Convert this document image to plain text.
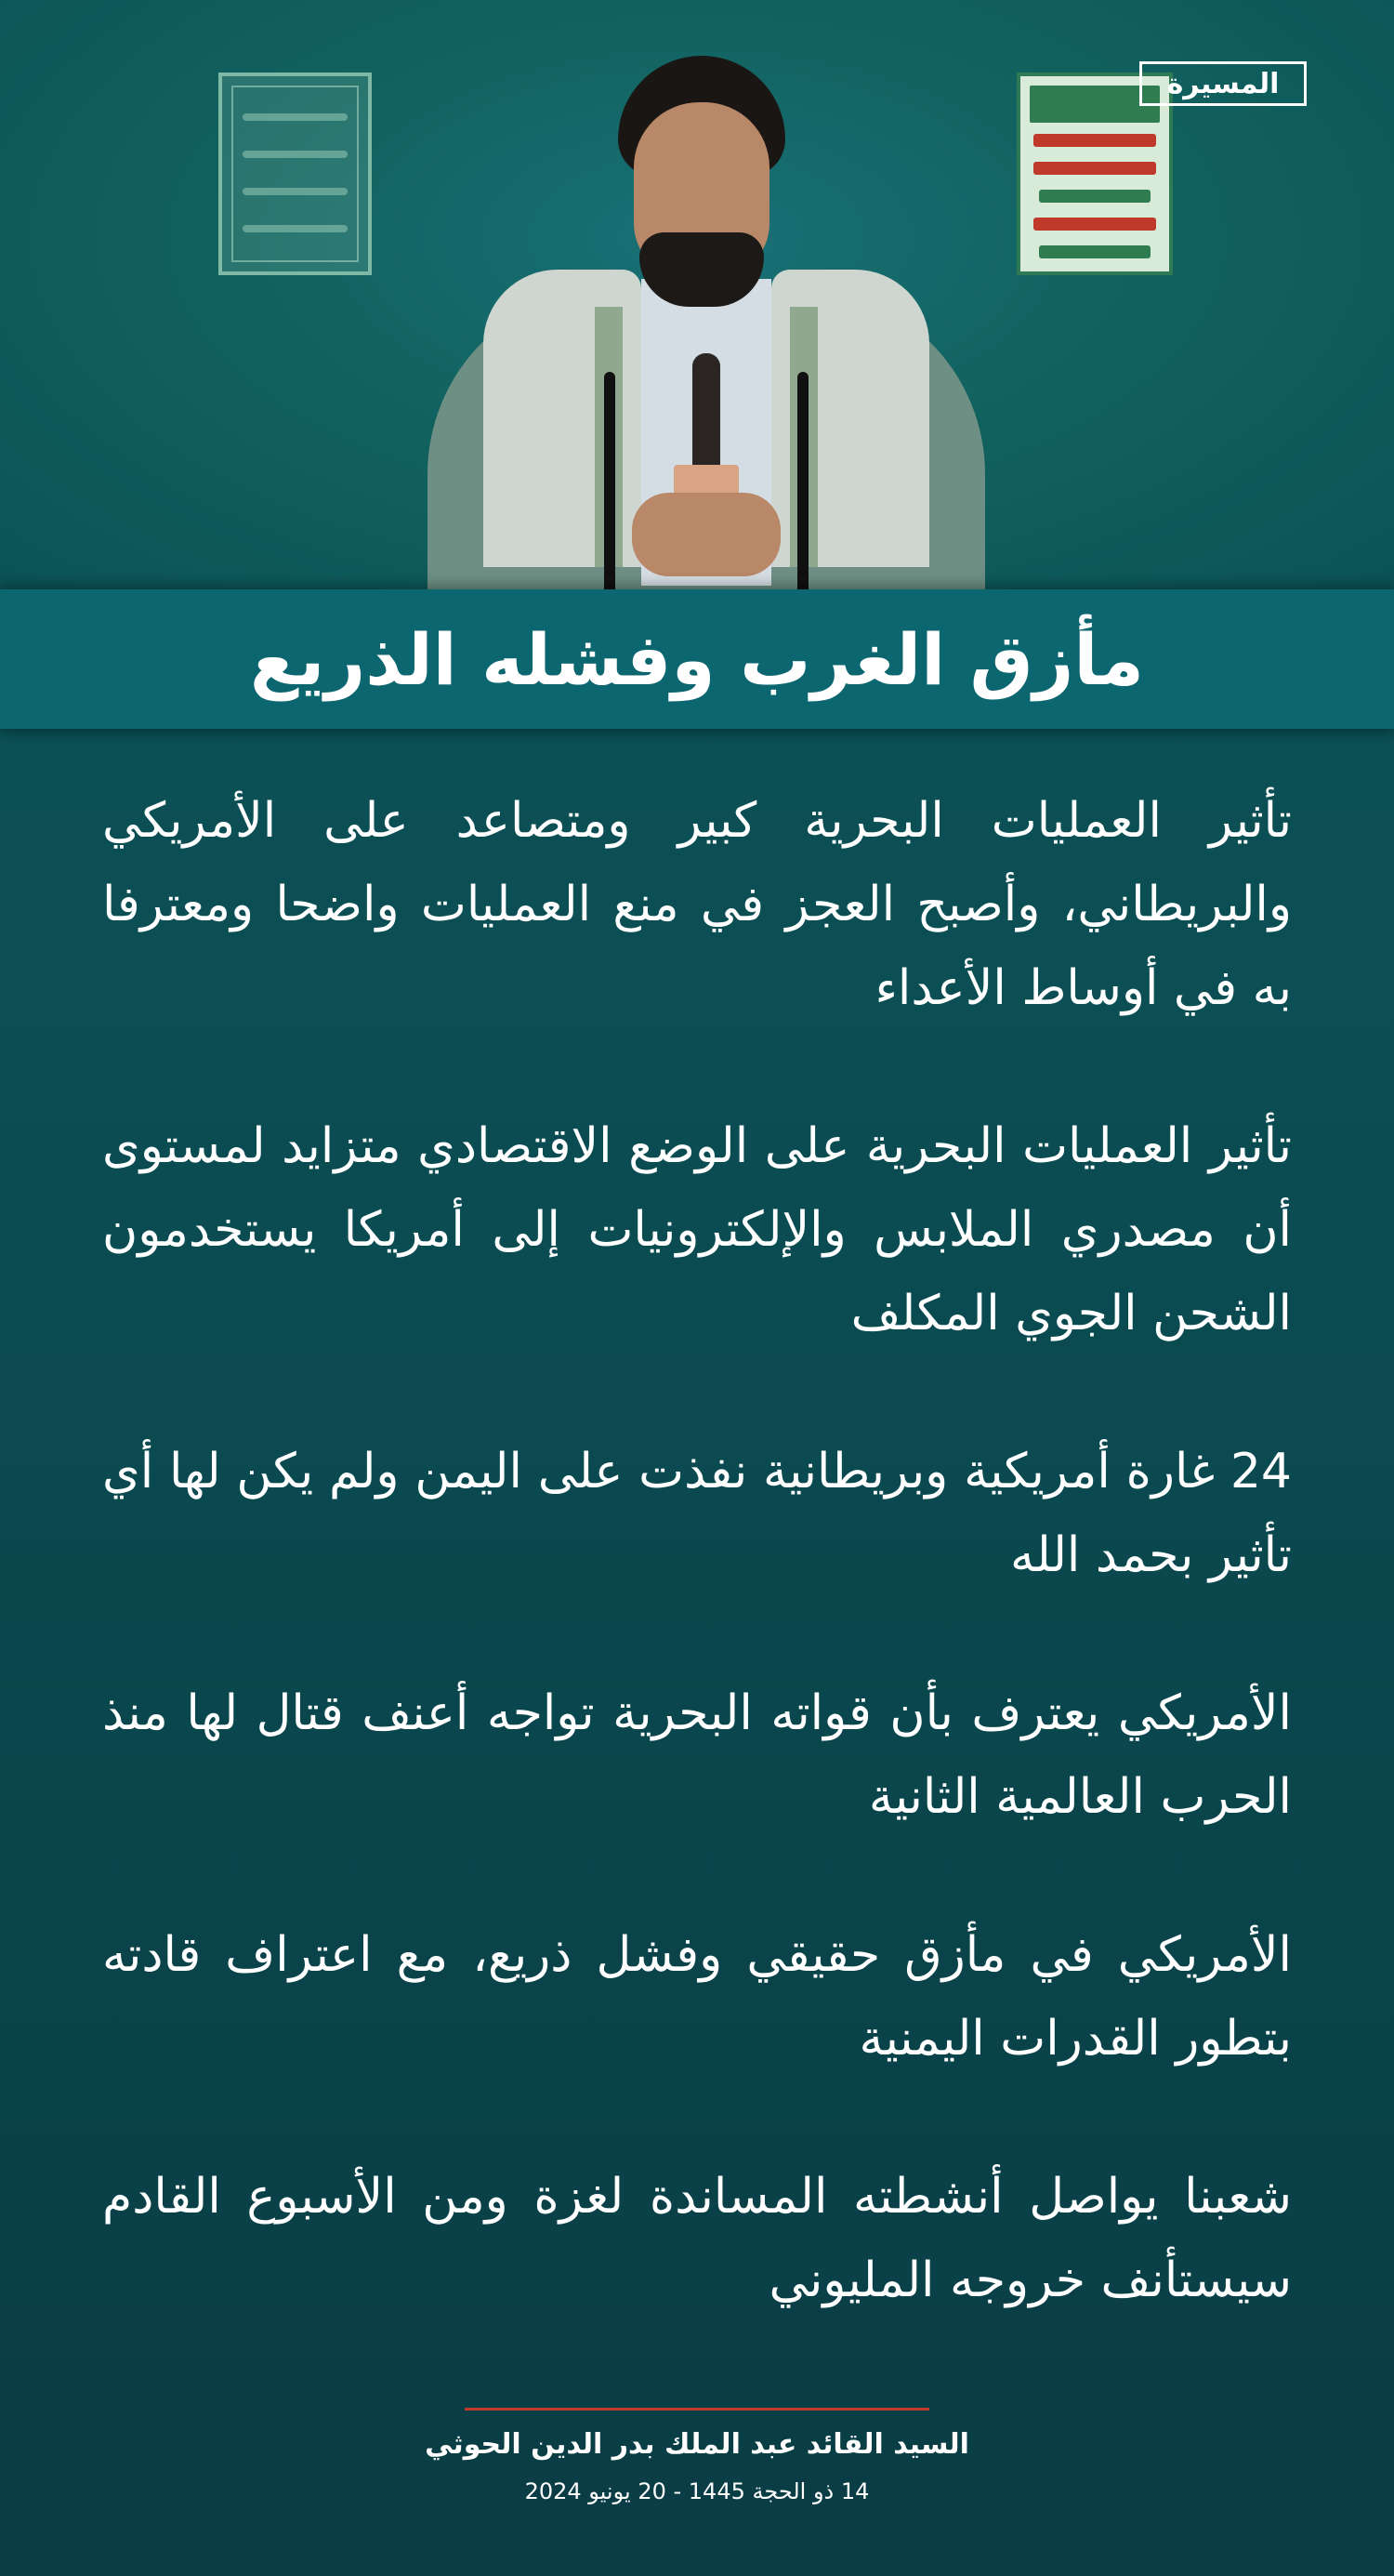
المسيرة
مأزق الغرب وفشله الذريع

تأثير العمليات البحرية كبير ومتصاعد على الأمريكي والبريطاني، وأصبح العجز في منع العمليات واضحا ومعترفا به في أوساط الأعداء

تأثير العمليات البحرية على الوضع الاقتصادي متزايد لمستوى أن مصدري الملابس والإلكترونيات إلى أمريكا يستخدمون الشحن الجوي المكلف

24 غارة أمريكية وبريطانية نفذت على اليمن ولم يكن لها أي تأثير بحمد الله

الأمريكي يعترف بأن قواته البحرية تواجه أعنف قتال لها منذ الحرب العالمية الثانية

الأمريكي في مأزق حقيقي وفشل ذريع، مع اعتراف قادته بتطور القدرات اليمنية

شعبنا يواصل أنشطته المساندة لغزة ومن الأسبوع القادم سيستأنف خروجه المليوني

السيد القائد عبد الملك بدر الدين الحوثي
14 ذو الحجة 1445 - 20 يونيو 2024
